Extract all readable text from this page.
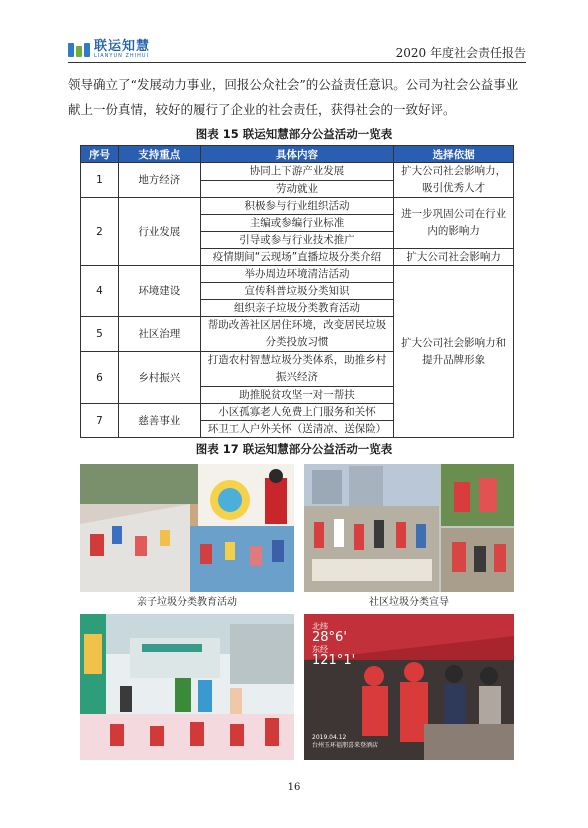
联运知慧
LIANYUN ZHIHUI	2020 年度社会责任报告
领导确立了“发展动力事业，回报公众社会”的公益责任意识。公司为社会公益事业献上一份真情，较好的履行了企业的社会责任，获得社会的一致好评。
图表 15 联运知慧部分公益活动一览表
序号	支持重点	具体内容	选择依据
1	地方经济	协同上下游产业发展	扩大公司社会影响力，吸引优秀人才
		劳动就业	
2	行业发展	积极参与行业组织活动	进一步巩固公司在行业内的影响力
		主编或参编行业标准	
		引导或参与行业技术推广	
		疫情期间“云现场”直播垃圾分类介绍	扩大公司社会影响力
4	环境建设	举办周边环境清洁活动	扩大公司社会影响力和提升品牌形象
		宣传科普垃圾分类知识	
		组织亲子垃圾分类教育活动	
5	社区治理	帮助改善社区居住环境，改变居民垃圾分类投放习惯	
6	乡村振兴	打造农村智慧垃圾分类体系，助推乡村振兴经济	
		助推脱贫攻坚一对一帮扶	
7	慈善事业	小区孤寡老人免费上门服务和关怀	
		环卫工人户外关怀（送清凉、送保险）	
图表 17 联运知慧部分公益活动一览表
亲子垃圾分类教育活动	社区垃圾分类宣导
北纬
28°6'
东经
121°1'
2019.04.12
台州玉环福朋喜来登酒店
16
